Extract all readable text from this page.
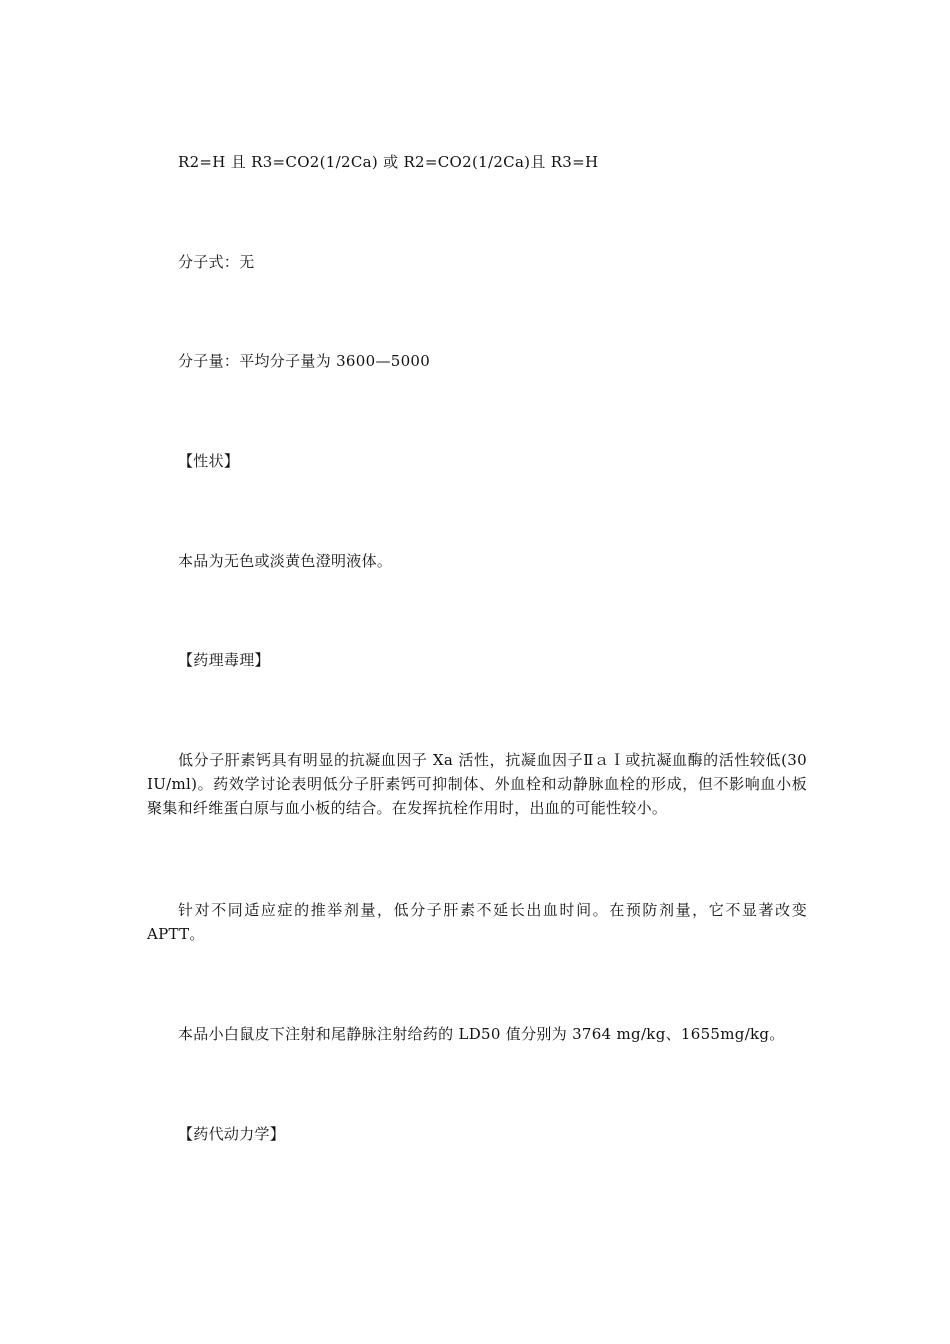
R2=H 且 R3=CO2(1/2Ca) 或 R2=CO2(1/2Ca)且 R3=H
分子式：无
分子量：平均分子量为 3600—5000
【性状】
本品为无色或淡黄色澄明液体。
【药理毒理】
低分子肝素钙具有明显的抗凝血因子 Xa 活性，抗凝血因子ⅡａＩ或抗凝血酶的活性较低(30 IU/ml)。药效学讨论表明低分子肝素钙可抑制体、外血栓和动静脉血栓的形成，但不影响血小板聚集和纤维蛋白原与血小板的结合。在发挥抗栓作用时，出血的可能性较小。
针对不同适应症的推举剂量，低分子肝素不延长出血时间。在预防剂量，它不显著改变 APTT。
本品小白鼠皮下注射和尾静脉注射给药的 LD50 值分别为 3764 mg/kg、1655mg/kg。
【药代动力学】
